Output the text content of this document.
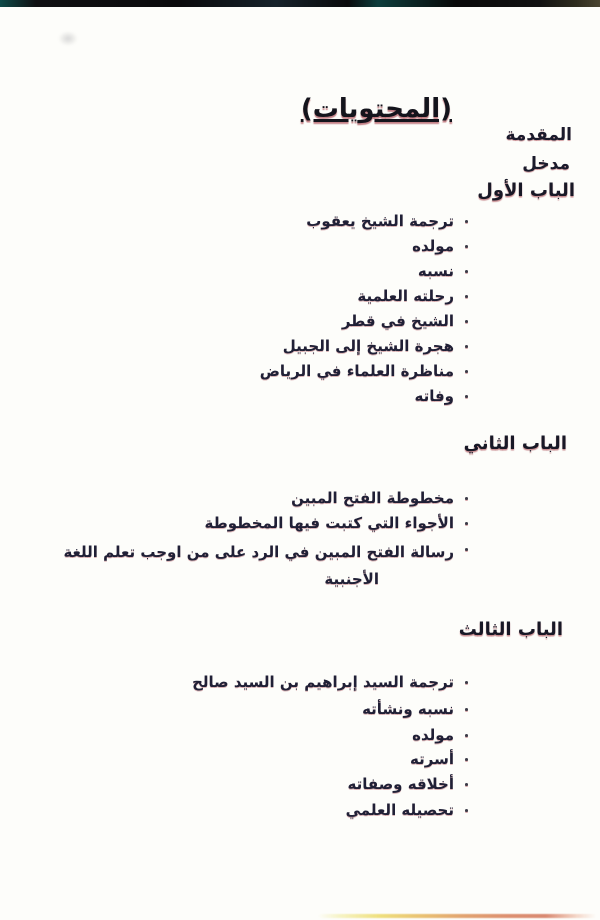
(المحتويات)
المقدمة
مدخل
الباب الأول
ترجمة الشيخ يعقوب
مولده
نسبه
رحلته العلمية
الشيخ في قطر
هجرة الشيخ إلى الجبيل
مناظرة العلماء في الرياض
وفاته
الباب الثاني
مخطوطة الفتح المبين
الأجواء التي كتبت فيها المخطوطة
رسالة الفتح المبين في الرد على من اوجب تعلم اللغة الأجنبية
الباب الثالث
ترجمة السيد إبراهيم بن السيد صالح
نسبه ونشأته
مولده
أسرته
أخلاقه وصفاته
تحصيله العلمي
